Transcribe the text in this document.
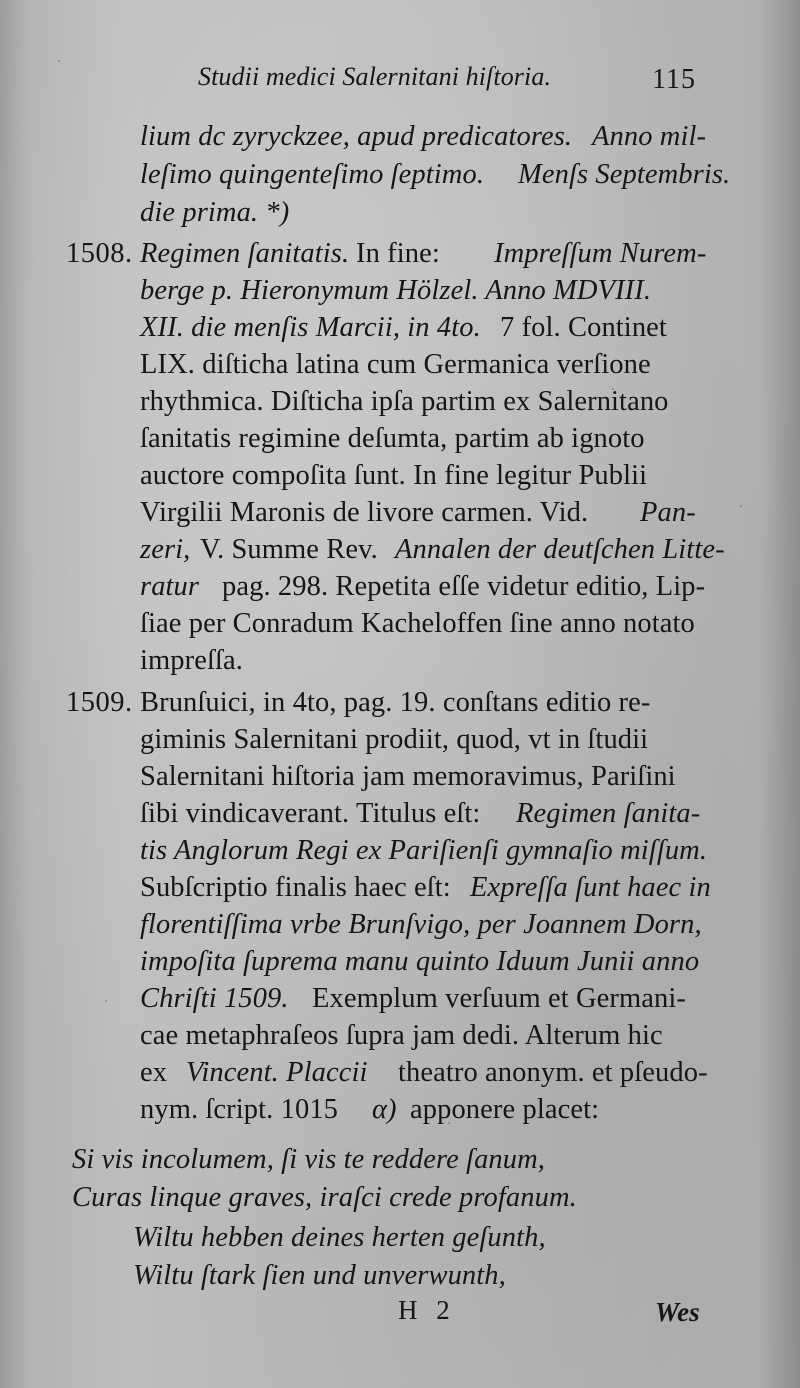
Studii medici Salernitani hiſtoria.	115
lium dc zyryckzee, apud predicatores. Anno mil-
leſimo quingenteſimo ſeptimo. Menſs Septembris.
die prima. *)
1508. Regimen ſanitatis. In fine: Impreſſum Nurem-
berge p. Hieronymum Hölzel. Anno MDVIII.
XII. die menſis Marcii, in 4to. 7 fol. Continet
LIX. diſticha latina cum Germanica verſione
rhythmica. Diſticha ipſa partim ex Salernitano
ſanitatis regimine deſumta, partim ab ignoto
auctore compoſita ſunt. In fine legitur Publii
Virgilii Maronis de livore carmen. Vid. Pan-
zeri, V. Summe Rev. Annalen der deutſchen Litte-
ratur pag. 298. Repetita eſſe videtur editio, Lip-
ſiae per Conradum Kacheloffen ſine anno notato
impreſſa.
1509. Brunſuici, in 4to, pag. 19. conſtans editio re-
giminis Salernitani prodiit, quod, vt in ſtudii
Salernitani hiſtoria jam memoravimus, Pariſini
ſibi vindicaverant. Titulus eſt: Regimen ſanita-
tis Anglorum Regi ex Pariſienſi gymnaſio miſſum.
Subſcriptio finalis haec eſt: Expreſſa ſunt haec in
florentiſſima vrbe Brunſvigo, per Joannem Dorn,
impoſita ſuprema manu quinto Iduum Junii anno
Chriſti 1509. Exemplum verſuum et Germani-
cae metaphraſeos ſupra jam dedi. Alterum hic
ex Vincent. Placcii theatro anonym. et pſeudo-
nym. ſcript. 1015 α) apponere placet:
Si vis incolumem, ſi vis te reddere ſanum,
Curas linque graves, iraſci crede profanum.
Wiltu hebben deines herten geſunth,
Wiltu ſtark ſien und unverwunth,
H 2	Wes
